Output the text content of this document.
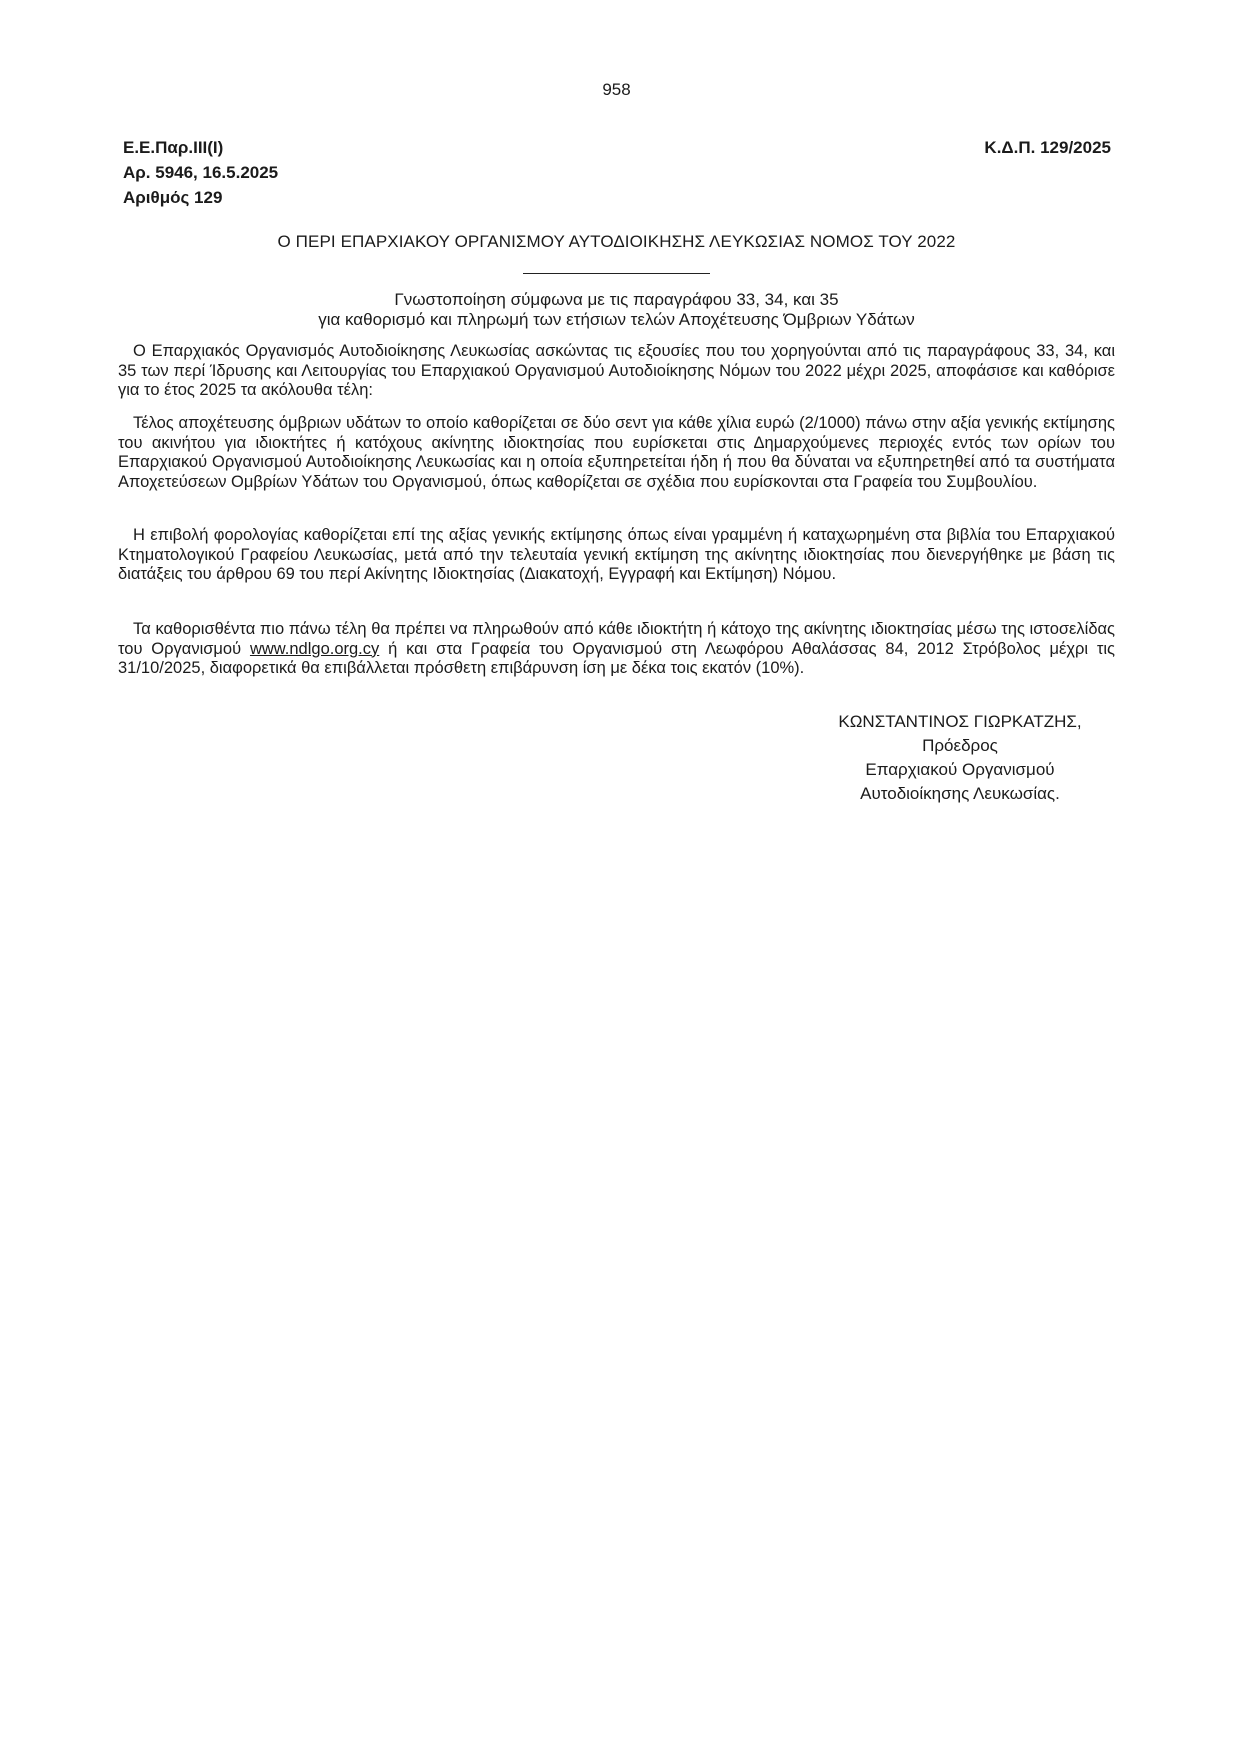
958
Ε.Ε.Παρ.ΙΙΙ(Ι)
Αρ. 5946, 16.5.2025
Αριθμός 129
Κ.Δ.Π. 129/2025
Ο ΠΕΡΙ ΕΠΑΡΧΙΑΚΟΥ ΟΡΓΑΝΙΣΜΟΥ ΑΥΤΟΔΙΟΙΚΗΣΗΣ ΛΕΥΚΩΣΙΑΣ ΝΟΜΟΣ ΤΟΥ 2022
Γνωστοποίηση σύμφωνα με τις παραγράφου 33, 34, και 35
για καθορισμό και πληρωμή των ετήσιων τελών Αποχέτευσης Όμβριων Υδάτων

Ο Επαρχιακός Οργανισμός Αυτοδιοίκησης Λευκωσίας ασκώντας τις εξουσίες που του χορηγούνται από τις παραγράφους 33, 34, και 35 των περί Ίδρυσης και Λειτουργίας του Επαρχιακού Οργανισμού Αυτοδιοίκησης Νόμων του 2022 μέχρι 2025, αποφάσισε και καθόρισε για το έτος 2025 τα ακόλουθα τέλη:

Τέλος αποχέτευσης όμβριων υδάτων το οποίο καθορίζεται σε δύο σεντ για κάθε χίλια ευρώ (2/1000) πάνω στην αξία γενικής εκτίμησης του ακινήτου για ιδιοκτήτες ή κατόχους ακίνητης ιδιοκτησίας που ευρίσκεται στις Δημαρχούμενες περιοχές εντός των ορίων του Επαρχιακού Οργανισμού Αυτοδιοίκησης Λευκωσίας και η οποία εξυπηρετείται ήδη ή που θα δύναται να εξυπηρετηθεί από τα συστήματα Αποχετεύσεων Ομβρίων Υδάτων του Οργανισμού, όπως καθορίζεται σε σχέδια που ευρίσκονται στα Γραφεία του Συμβουλίου.

Η επιβολή φορολογίας καθορίζεται επί της αξίας γενικής εκτίμησης όπως είναι γραμμένη ή καταχωρημένη στα βιβλία του Επαρχιακού Κτηματολογικού Γραφείου Λευκωσίας, μετά από την τελευταία γενική εκτίμηση της ακίνητης ιδιοκτησίας που διενεργήθηκε με βάση τις διατάξεις του άρθρου 69 του περί Ακίνητης Ιδιοκτησίας (Διακατοχή, Εγγραφή και Εκτίμηση) Νόμου.

Τα καθορισθέντα πιο πάνω τέλη θα πρέπει να πληρωθούν από κάθε ιδιοκτήτη ή κάτοχο της ακίνητης ιδιοκτησίας μέσω της ιστοσελίδας του Οργανισμού www.ndlgo.org.cy ή και στα Γραφεία του Οργανισμού στη Λεωφόρου Αθαλάσσας 84, 2012 Στρόβολος μέχρι τις 31/10/2025, διαφορετικά θα επιβάλλεται πρόσθετη επιβάρυνση ίση με δέκα τοις εκατόν (10%).

ΚΩΝΣΤΑΝΤΙΝΟΣ ΓΙΩΡΚΑΤΖΗΣ,
Πρόεδρος
Επαρχιακού Οργανισμού
Αυτοδιοίκησης Λευκωσίας.
